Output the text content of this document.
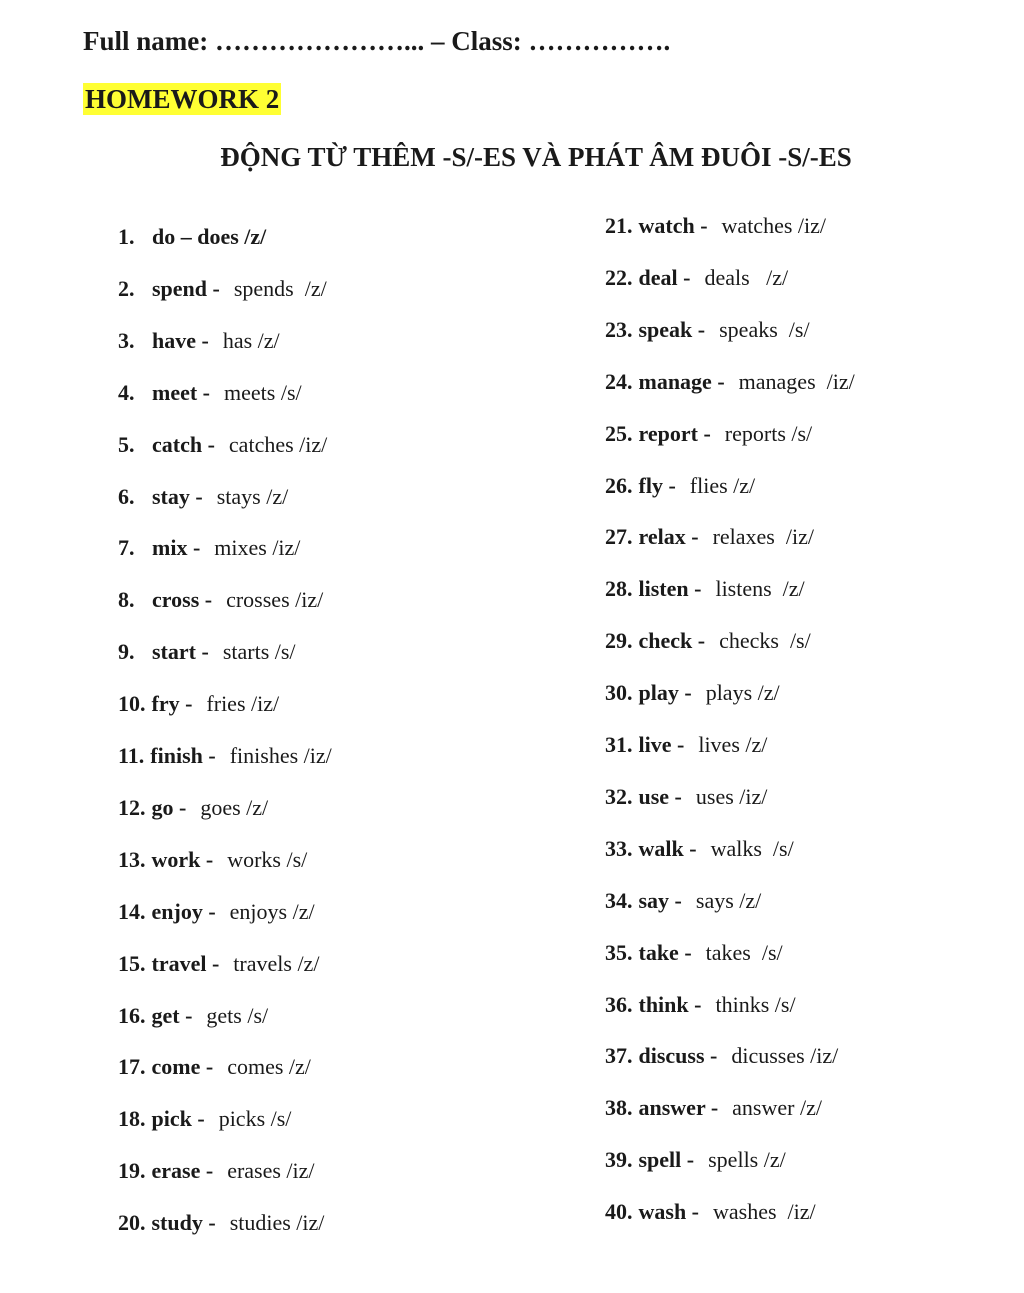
Full name: …………………... – Class: …………….
HOMEWORK 2
ĐỘNG TỪ THÊM -S/-ES VÀ PHÁT ÂM ĐUÔI -S/-ES
1. do – does /z/
2. spend - spends  /z/
3. have - has /z/
4. meet - meets /s/
5. catch - catches /iz/
6. stay - stays /z/
7. mix - mixes /iz/
8. cross - crosses /iz/
9. start - starts /s/
10. fry - fries /iz/
11. finish - finishes /iz/
12. go - goes /z/
13. work - works /s/
14. enjoy - enjoys /z/
15. travel - travels /z/
16. get - gets /s/
17. come - comes /z/
18. pick - picks /s/
19. erase - erases /iz/
20. study - studies /iz/
21. watch - watches /iz/
22. deal - deals   /z/
23. speak - speaks  /s/
24. manage - manages  /iz/
25. report - reports /s/
26. fly - flies /z/
27. relax - relaxes  /iz/
28. listen - listens  /z/
29. check - checks  /s/
30. play - plays /z/
31. live - lives /z/
32. use - uses /iz/
33. walk - walks  /s/
34. say - says /z/
35. take - takes  /s/
36. think - thinks /s/
37. discuss - dicusses /iz/
38. answer - answer /z/
39. spell - spells /z/
40. wash - washes  /iz/
